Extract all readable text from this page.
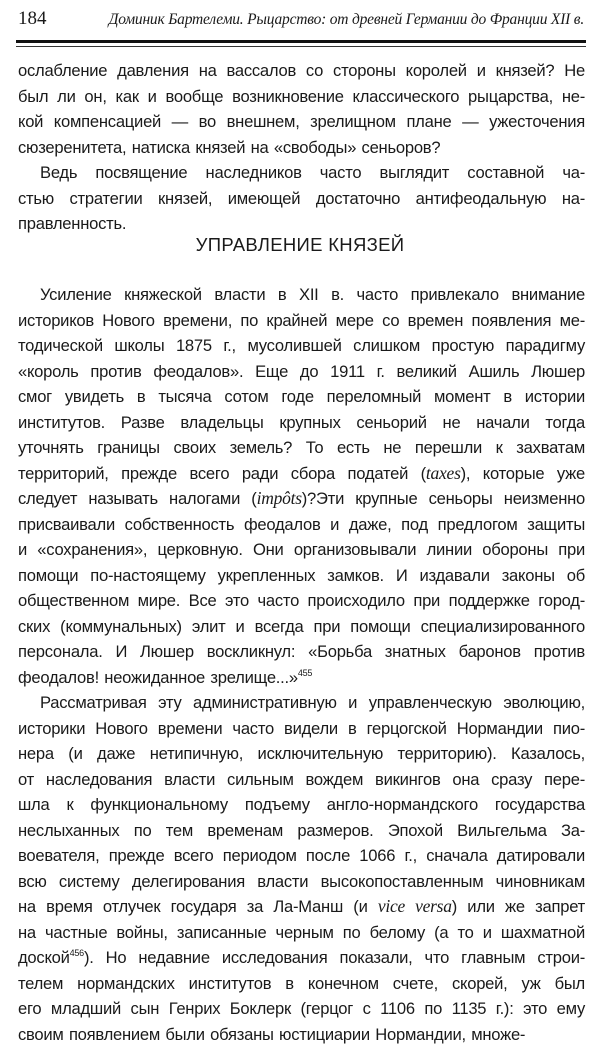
184	Доминик Бартелеми. Рыцарство: от древней Германии до Франции XII в.
ослабление давления на вассалов со стороны королей и князей? Не
был ли он, как и вообще возникновение классического рыцарства, не-
кой компенсацией — во внешнем, зрелищном плане — ужесточения
сюзеренитета, натиска князей на «свободы» сеньоров?
Ведь посвящение наследников часто выглядит составной ча-
стью стратегии князей, имеющей достаточно антифеодальную на-
правленность.
УПРАВЛЕНИЕ КНЯЗЕЙ
Усиление княжеской власти в XII в. часто привлекало внимание
историков Нового времени, по крайней мере со времен появления ме-
тодической школы 1875 г., мусолившей слишком простую парадигму
«король против феодалов». Еще до 1911 г. великий Ашиль Люшер
смог увидеть в тысяча сотом годе переломный момент в истории
институтов. Разве владельцы крупных сеньорий не начали тогда
уточнять границы своих земель? То есть не перешли к захватам
территорий, прежде всего ради сбора податей (taxes), которые уже
следует называть налогами (impôts)?Эти крупные сеньоры неизменно
присваивали собственность феодалов и даже, под предлогом защиты
и «сохранения», церковную. Они организовывали линии обороны при
помощи по-настоящему укрепленных замков. И издавали законы об
общественном мире. Все это часто происходило при поддержке город-
ских (коммунальных) элит и всегда при помощи специализированного
персонала. И Люшер воскликнул: «Борьба знатных баронов против
феодалов! неожиданное зрелище...»$^{455}$
Рассматривая эту административную и управленческую эволюцию,
историки Нового времени часто видели в герцогской Нормандии пио-
нера (и даже нетипичную, исключительную территорию). Казалось,
от наследования власти сильным вождем викингов она сразу пере-
шла к функциональному подъему англо-нормандского государства
неслыханных по тем временам размеров. Эпохой Вильгельма За-
воевателя, прежде всего периодом после 1066 г., сначала датировали
всю систему делегирования власти высокопоставленным чиновникам
на время отлучек государя за Ла-Манш (и vice versa) или же запрет
на частные войны, записанные черным по белому (а то и шахматной
доской$^{456}$). Но недавние исследования показали, что главным строи-
телем нормандских институтов в конечном счете, скорей, уж был
его младший сын Генрих Боклерк (герцог с 1106 по 1135 г.): это ему
своим появлением были обязаны юстициарии Нормандии, множе-
